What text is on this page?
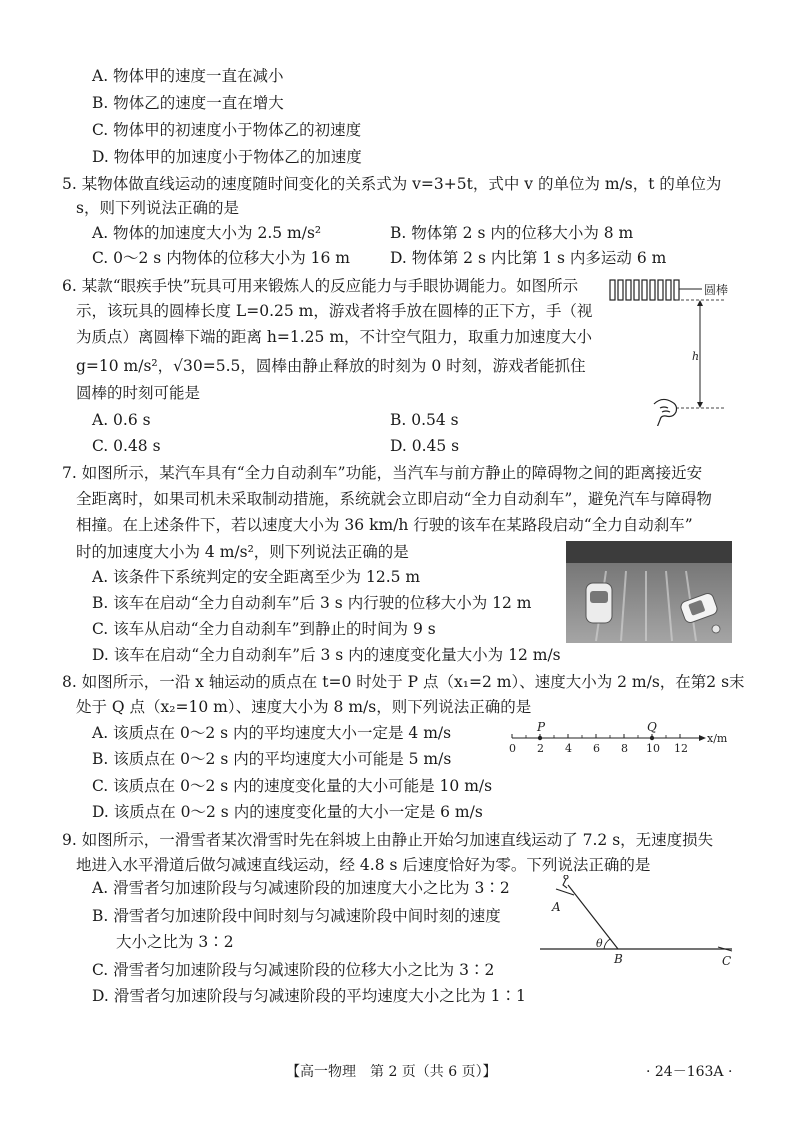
A. 物体甲的速度一直在减小
B. 物体乙的速度一直在增大
C. 物体甲的初速度小于物体乙的初速度
D. 物体甲的加速度小于物体乙的加速度
5. 某物体做直线运动的速度随时间变化的关系式为 v=3+5t，式中 v 的单位为 m/s，t 的单位为
s，则下列说法正确的是
A. 物体的加速度大小为 2.5 m/s²	B. 物体第 2 s 内的位移大小为 8 m
C. 0～2 s 内物体的位移大小为 16 m	D. 物体第 2 s 内比第 1 s 内多运动 6 m
6. 某款“眼疾手快”玩具可用来锻炼人的反应能力与手眼协调能力。如图所示
示，该玩具的圆棒长度 L=0.25 m，游戏者将手放在圆棒的正下方，手（视
为质点）离圆棒下端的距离 h=1.25 m，不计空气阻力，取重力加速度大小
g=10 m/s²，√30=5.5，圆棒由静止释放的时刻为 0 时刻，游戏者能抓住
圆棒的时刻可能是
A. 0.6 s	B. 0.54 s
C. 0.48 s	D. 0.45 s
圆棒
h
7. 如图所示，某汽车具有“全力自动刹车”功能，当汽车与前方静止的障碍物之间的距离接近安
全距离时，如果司机未采取制动措施，系统就会立即启动“全力自动刹车”，避免汽车与障碍物
相撞。在上述条件下，若以速度大小为 36 km/h 行驶的该车在某路段启动“全力自动刹车”
时的加速度大小为 4 m/s²，则下列说法正确的是
A. 该条件下系统判定的安全距离至少为 12.5 m
B. 该车在启动“全力自动刹车”后 3 s 内行驶的位移大小为 12 m
C. 该车从启动“全力自动刹车”到静止的时间为 9 s
D. 该车在启动“全力自动刹车”后 3 s 内的速度变化量大小为 12 m/s
8. 如图所示，一沿 x 轴运动的质点在 t=0 时处于 P 点（x₁=2 m）、速度大小为 2 m/s，在第2 s末
处于 Q 点（x₂=10 m）、速度大小为 8 m/s，则下列说法正确的是
A. 该质点在 0～2 s 内的平均速度大小一定是 4 m/s
B. 该质点在 0～2 s 内的平均速度大小可能是 5 m/s
C. 该质点在 0～2 s 内的速度变化量的大小可能是 10 m/s
D. 该质点在 0～2 s 内的速度变化量的大小一定是 6 m/s
0 2 4 6 8 10 12
P	Q
x/m
9. 如图所示，一滑雪者某次滑雪时先在斜坡上由静止开始匀加速直线运动了 7.2 s，无速度损失
地进入水平滑道后做匀减速直线运动，经 4.8 s 后速度恰好为零。下列说法正确的是
A. 滑雪者匀加速阶段与匀减速阶段的加速度大小之比为 3∶2
B. 滑雪者匀加速阶段中间时刻与匀减速阶段中间时刻的速度
大小之比为 3∶2
C. 滑雪者匀加速阶段与匀减速阶段的位移大小之比为 3∶2
D. 滑雪者匀加速阶段与匀减速阶段的平均速度大小之比为 1∶1
A
θ
B	C
【高一物理　第 2 页（共 6 页）】	· 24－163A ·
